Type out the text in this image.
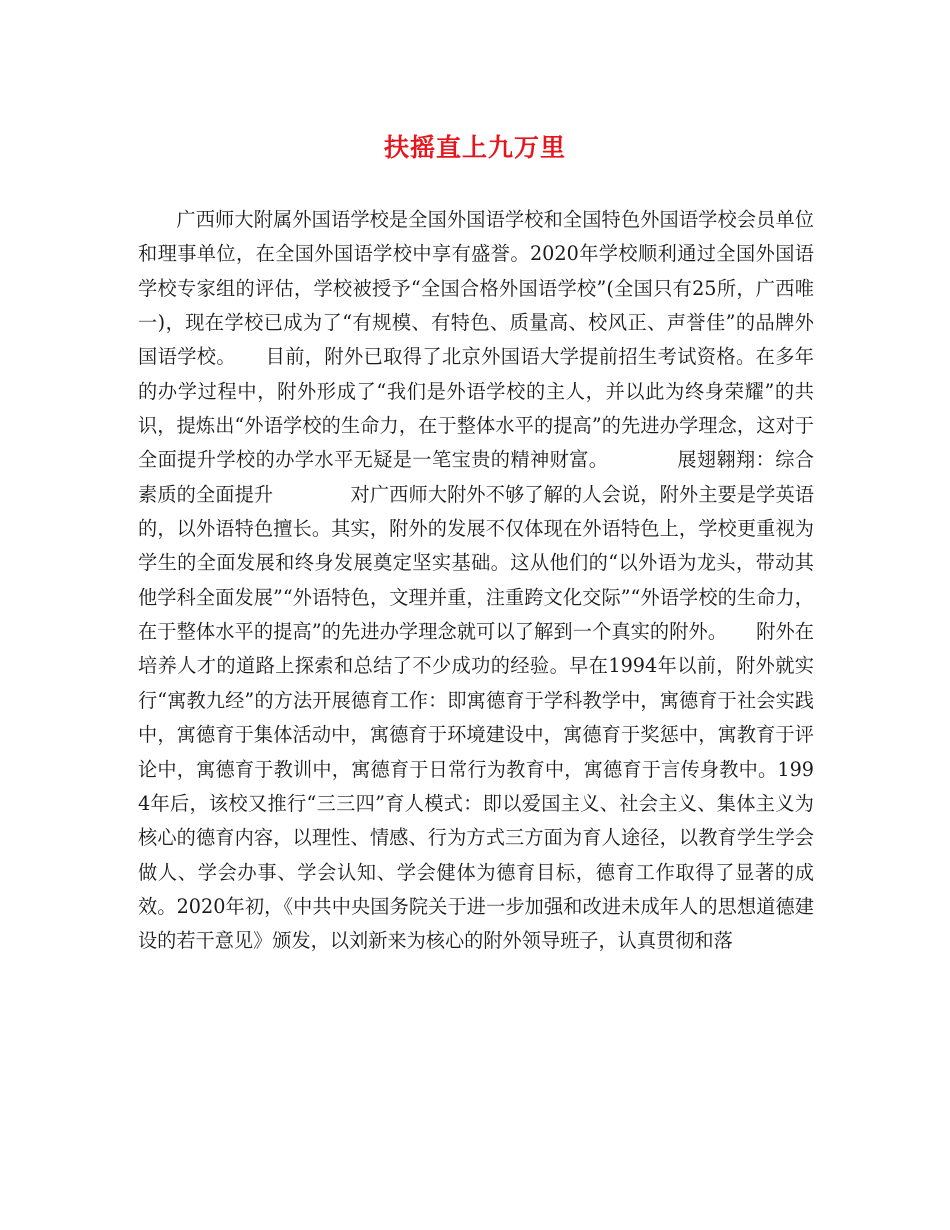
扶摇直上九万里
广西师大附属外国语学校是全国外国语学校和全国特色外国语学校会员单位和理事单位，在全国外国语学校中享有盛誉。2020年学校顺利通过全国外国语学校专家组的评估，学校被授予“全国合格外国语学校”(全国只有25所，广西唯一)，现在学校已成为了“有规模、有特色、质量高、校风正、声誉佳”的品牌外国语学校。　　目前，附外已取得了北京外国语大学提前招生考试资格。在多年的办学过程中，附外形成了“我们是外语学校的主人，并以此为终身荣耀”的共识，提炼出“外语学校的生命力，在于整体水平的提高”的先进办学理念，这对于全面提升学校的办学水平无疑是一笔宝贵的精神财富。　　　　展翅翱翔：综合素质的全面提升　　　　对广西师大附外不够了解的人会说，附外主要是学英语的，以外语特色擅长。其实，附外的发展不仅体现在外语特色上，学校更重视为学生的全面发展和终身发展奠定坚实基础。这从他们的“以外语为龙头，带动其他学科全面发展”“外语特色，文理并重，注重跨文化交际”“外语学校的生命力，在于整体水平的提高”的先进办学理念就可以了解到一个真实的附外。　　附外在培养人才的道路上探索和总结了不少成功的经验。早在1994年以前，附外就实行“寓教九经”的方法开展德育工作：即寓德育于学科教学中，寓德育于社会实践中，寓德育于集体活动中，寓德育于环境建设中，寓德育于奖惩中，寓教育于评论中，寓德育于教训中，寓德育于日常行为教育中，寓德育于言传身教中。1994年后，该校又推行“三三四”育人模式：即以爱国主义、社会主义、集体主义为核心的德育内容，以理性、情感、行为方式三方面为育人途径，以教育学生学会做人、学会办事、学会认知、学会健体为德育目标，德育工作取得了显著的成效。2020年初，《中共中央国务院关于进一步加强和改进未成年人的思想道德建设的若干意见》颁发，以刘新来为核心的附外领导班子，认真贯彻和落
